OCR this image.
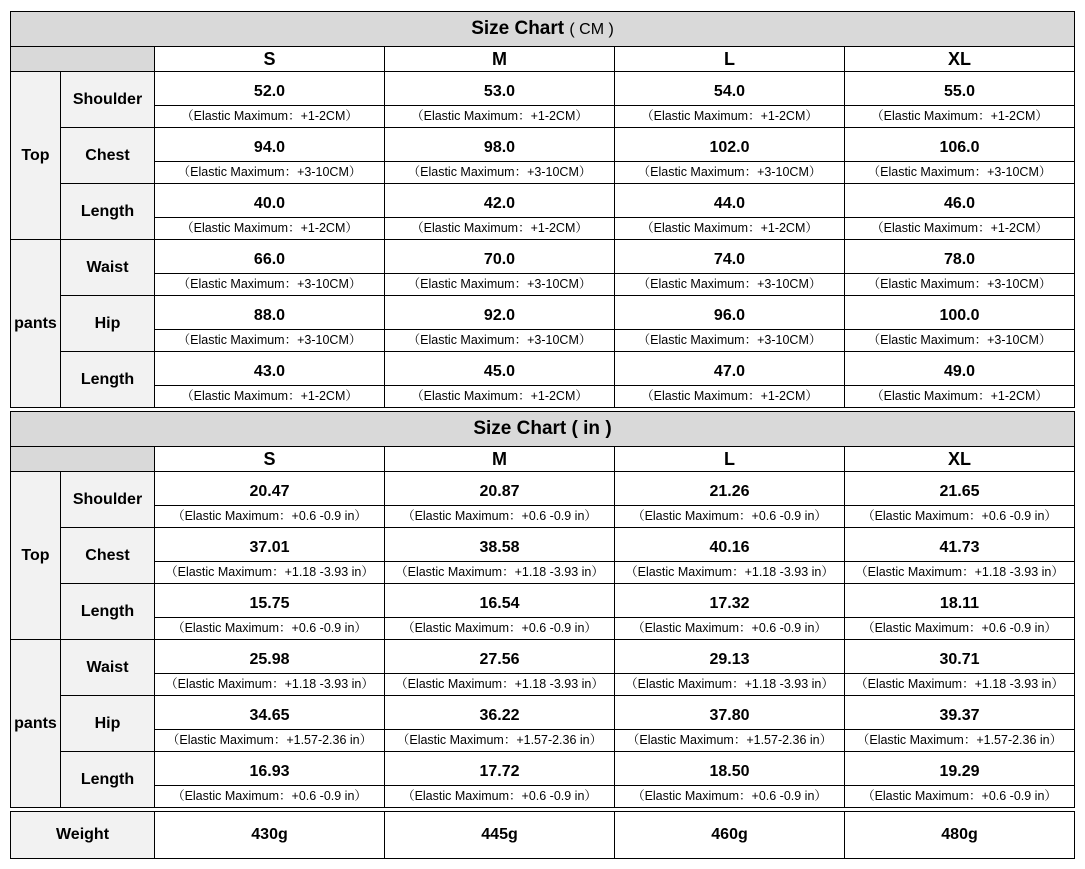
Size Chart ( CM )					
		S	M	L	XL
Top	Shoulder	52.0	53.0	54.0	55.0

		（Elastic Maximum：+1-2CM）	（Elastic Maximum：+1-2CM）	（Elastic Maximum：+1-2CM）	（Elastic Maximum：+1-2CM）

	Chest	94.0	98.0	102.0	106.0

		（Elastic Maximum：+3-10CM）	（Elastic Maximum：+3-10CM）	（Elastic Maximum：+3-10CM）	（Elastic Maximum：+3-10CM）

	Length	40.0	42.0	44.0	46.0

		（Elastic Maximum：+1-2CM）	（Elastic Maximum：+1-2CM）	（Elastic Maximum：+1-2CM）	（Elastic Maximum：+1-2CM）

pants	Waist	66.0	70.0	74.0	78.0

		（Elastic Maximum：+3-10CM）	（Elastic Maximum：+3-10CM）	（Elastic Maximum：+3-10CM）	（Elastic Maximum：+3-10CM）

	Hip	88.0	92.0	96.0	100.0

		（Elastic Maximum：+3-10CM）	（Elastic Maximum：+3-10CM）	（Elastic Maximum：+3-10CM）	（Elastic Maximum：+3-10CM）

	Length	43.0	45.0	47.0	49.0

		（Elastic Maximum：+1-2CM）	（Elastic Maximum：+1-2CM）	（Elastic Maximum：+1-2CM）	（Elastic Maximum：+1-2CM）
Size Chart ( in )					
		S	M	L	XL
Top	Shoulder	20.47	20.87	21.26	21.65

		（Elastic Maximum：+0.6 -0.9 in）	（Elastic Maximum：+0.6 -0.9 in）	（Elastic Maximum：+0.6 -0.9 in）	（Elastic Maximum：+0.6 -0.9 in）

	Chest	37.01	38.58	40.16	41.73

		（Elastic Maximum：+1.18 -3.93 in）	（Elastic Maximum：+1.18 -3.93 in）	（Elastic Maximum：+1.18 -3.93 in）	（Elastic Maximum：+1.18 -3.93 in）

	Length	15.75	16.54	17.32	18.11

		（Elastic Maximum：+0.6 -0.9 in）	（Elastic Maximum：+0.6 -0.9 in）	（Elastic Maximum：+0.6 -0.9 in）	（Elastic Maximum：+0.6 -0.9 in）

pants	Waist	25.98	27.56	29.13	30.71

		（Elastic Maximum：+1.18 -3.93 in）	（Elastic Maximum：+1.18 -3.93 in）	（Elastic Maximum：+1.18 -3.93 in）	（Elastic Maximum：+1.18 -3.93 in）

	Hip	34.65	36.22	37.80	39.37

		（Elastic Maximum：+1.57-2.36 in）	（Elastic Maximum：+1.57-2.36 in）	（Elastic Maximum：+1.57-2.36 in）	（Elastic Maximum：+1.57-2.36 in）

	Length	16.93	17.72	18.50	19.29

		（Elastic Maximum：+0.6 -0.9 in）	（Elastic Maximum：+0.6 -0.9 in）	（Elastic Maximum：+0.6 -0.9 in）	（Elastic Maximum：+0.6 -0.9 in）
Weight	430g	445g	460g	480g
